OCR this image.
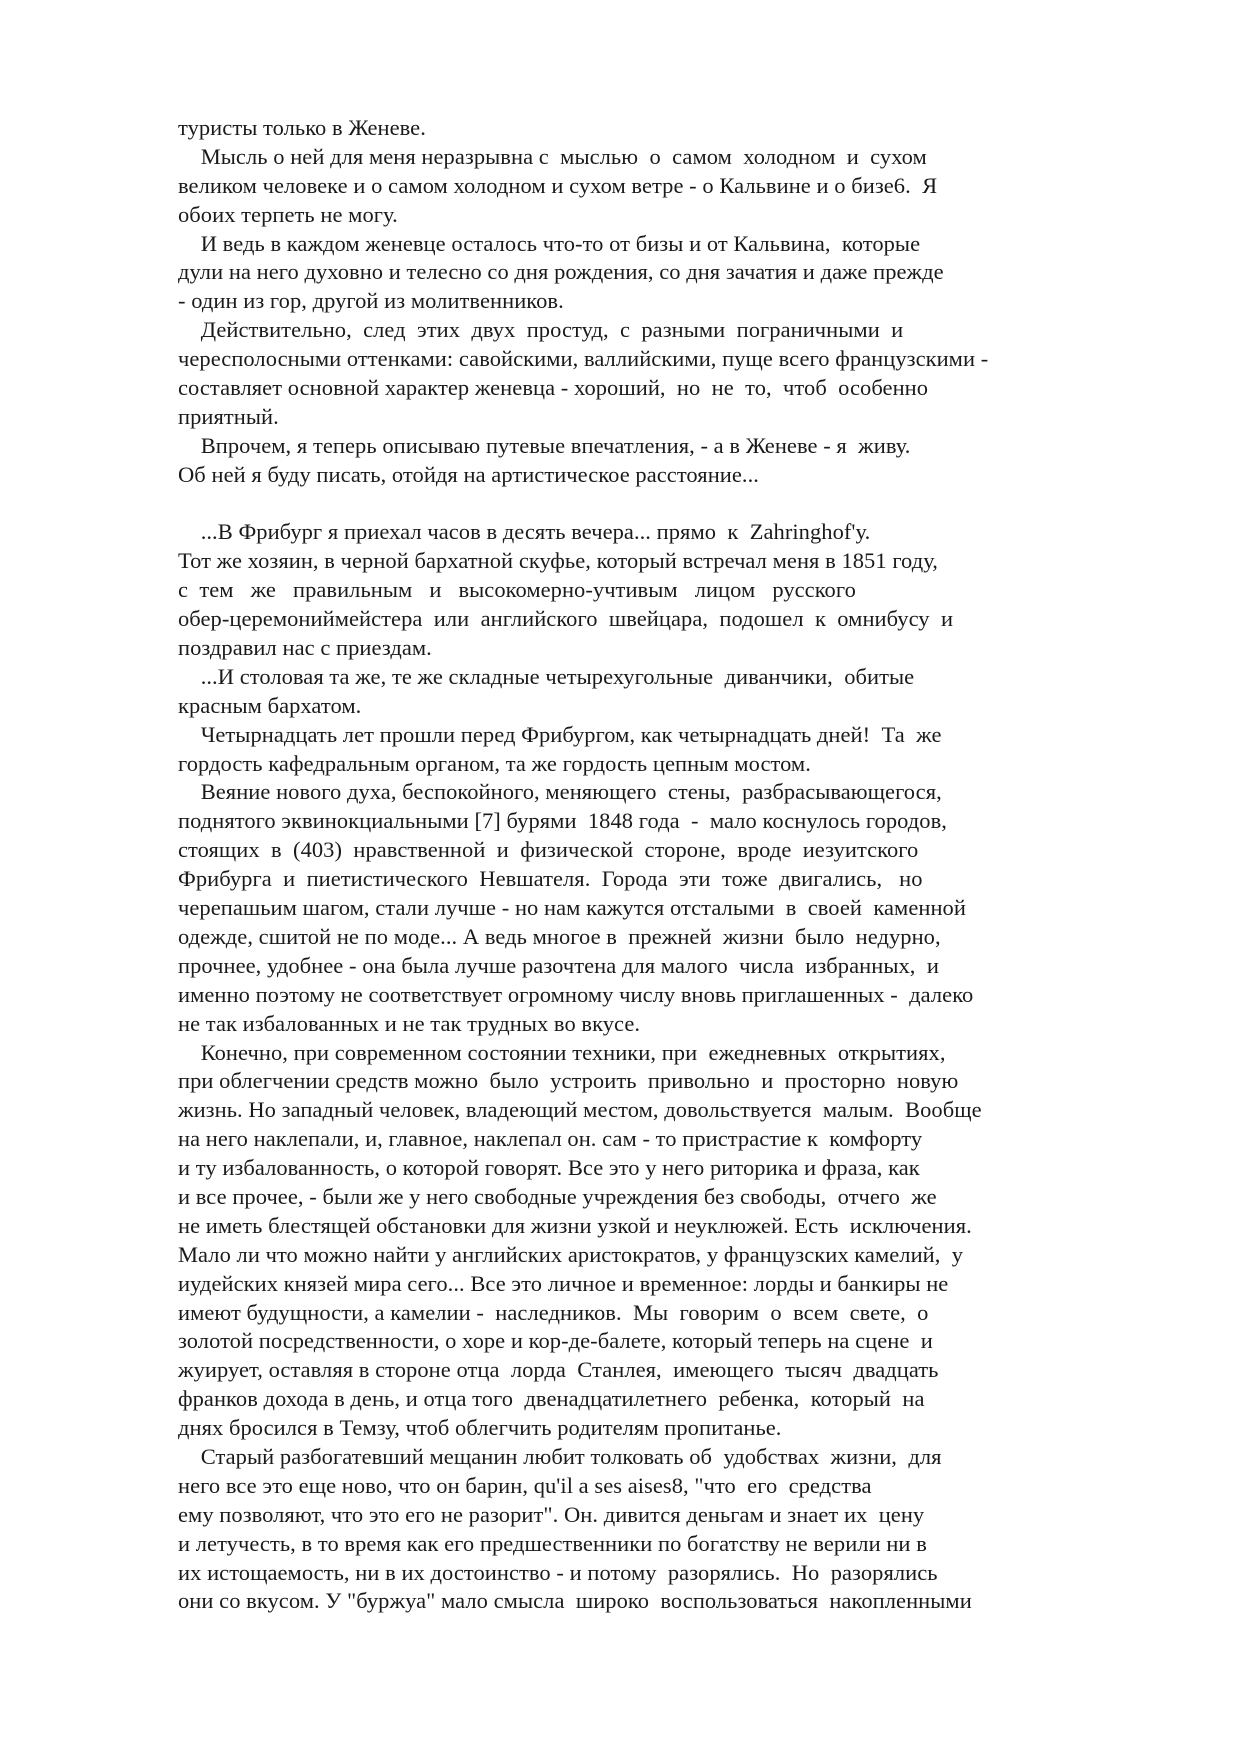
туристы только в Женеве.
Мысль о ней для меня неразрывна с  мыслью  о  самом  холодном  и  сухом
великом человеке и о самом холодном и сухом ветре - о Кальвине и о бизе6.  Я
обоих терпеть не могу.
И ведь в каждом женевце осталось что-то от бизы и от Кальвина,  которые
дули на него духовно и телесно со дня рождения, со дня зачатия и даже прежде
- один из гор, другой из молитвенников.
Действительно,  след  этих  двух  простуд,  с  разными  пограничными  и
чересполосными оттенками: савойскими, валлийскими, пуще всего французскими -
составляет основной характер женевца - хороший,  но  не  то,  чтоб  особенно
приятный.
Впрочем, я теперь описываю путевые впечатления, - а в Женеве - я  живу.
Об ней я буду писать, отойдя на артистическое расстояние...
...В Фрибург я приехал часов в десять вечера... прямо  к  Zahringhof'у.
Тот же хозяин, в черной бархатной скуфье, который встречал меня в 1851 году,
с  тем   же   правильным   и   высокомерно-учтивым   лицом   русского
обер-церемониймейстера  или  английского  швейцара,  подошел  к  омнибусу  и
поздравил нас с приездам.
...И столовая та же, те же складные четырехугольные  диванчики,  обитые
красным бархатом.
Четырнадцать лет прошли перед Фрибургом, как четырнадцать дней!  Та  же
гордость кафедральным органом, та же гордость цепным мостом.
Веяние нового духа, беспокойного, меняющего  стены,  разбрасывающегося,
поднятого эквинокциальными [7] бурями  1848 года  -  мало коснулось городов,
стоящих  в  (403)  нравственной  и  физической  стороне,  вроде  иезуитского
Фрибурга  и  пиетистического  Невшателя.  Города  эти  тоже  двигались,   но
черепашьим шагом, стали лучше - но нам кажутся отсталыми  в  своей  каменной
одежде, сшитой не по моде... А ведь многое в  прежней  жизни  было  недурно,
прочнее, удобнее - она была лучше разочтена для малого  числа  избранных,  и
именно поэтому не соответствует огромному числу вновь приглашенных -  далеко
не так избалованных и не так трудных во вкусе.
Конечно, при современном состоянии техники, при  ежедневных  открытиях,
при облегчении средств можно  было  устроить  привольно  и  просторно  новую
жизнь. Но западный человек, владеющий местом, довольствуется  малым.  Вообще
на него наклепали, и, главное, наклепал он. сам - то пристрастие к  комфорту
и ту избалованность, о которой говорят. Все это у него риторика и фраза, как
и все прочее, - были же у него свободные учреждения без свободы,  отчего  же
не иметь блестящей обстановки для жизни узкой и неуклюжей. Есть  исключения.
Мало ли что можно найти у английских аристократов, у французских камелий,  у
иудейских князей мира сего... Все это личное и временное: лорды и банкиры не
имеют будущности, а камелии -  наследников.  Мы  говорим  о  всем  свете,  о
золотой посредственности, о хоре и кор-де-балете, который теперь на сцене  и
жуирует, оставляя в стороне отца  лорда  Станлея,  имеющего  тысяч  двадцать
франков дохода в день, и отца того  двенадцатилетнего  ребенка,  который  на
днях бросился в Темзу, чтоб облегчить родителям пропитанье.
Старый разбогатевший мещанин любит толковать об  удобствах  жизни,  для
него все это еще ново, что он барин, qu'il a ses aises8, "что  его  средства
ему позволяют, что это его не разорит". Он. дивится деньгам и знает их  цену
и летучесть, в то время как его предшественники по богатству не верили ни в
их истощаемость, ни в их достоинство - и потому  разорялись.  Но  разорялись
они со вкусом. У "буржуа" мало смысла  широко  воспользоваться  накопленными
